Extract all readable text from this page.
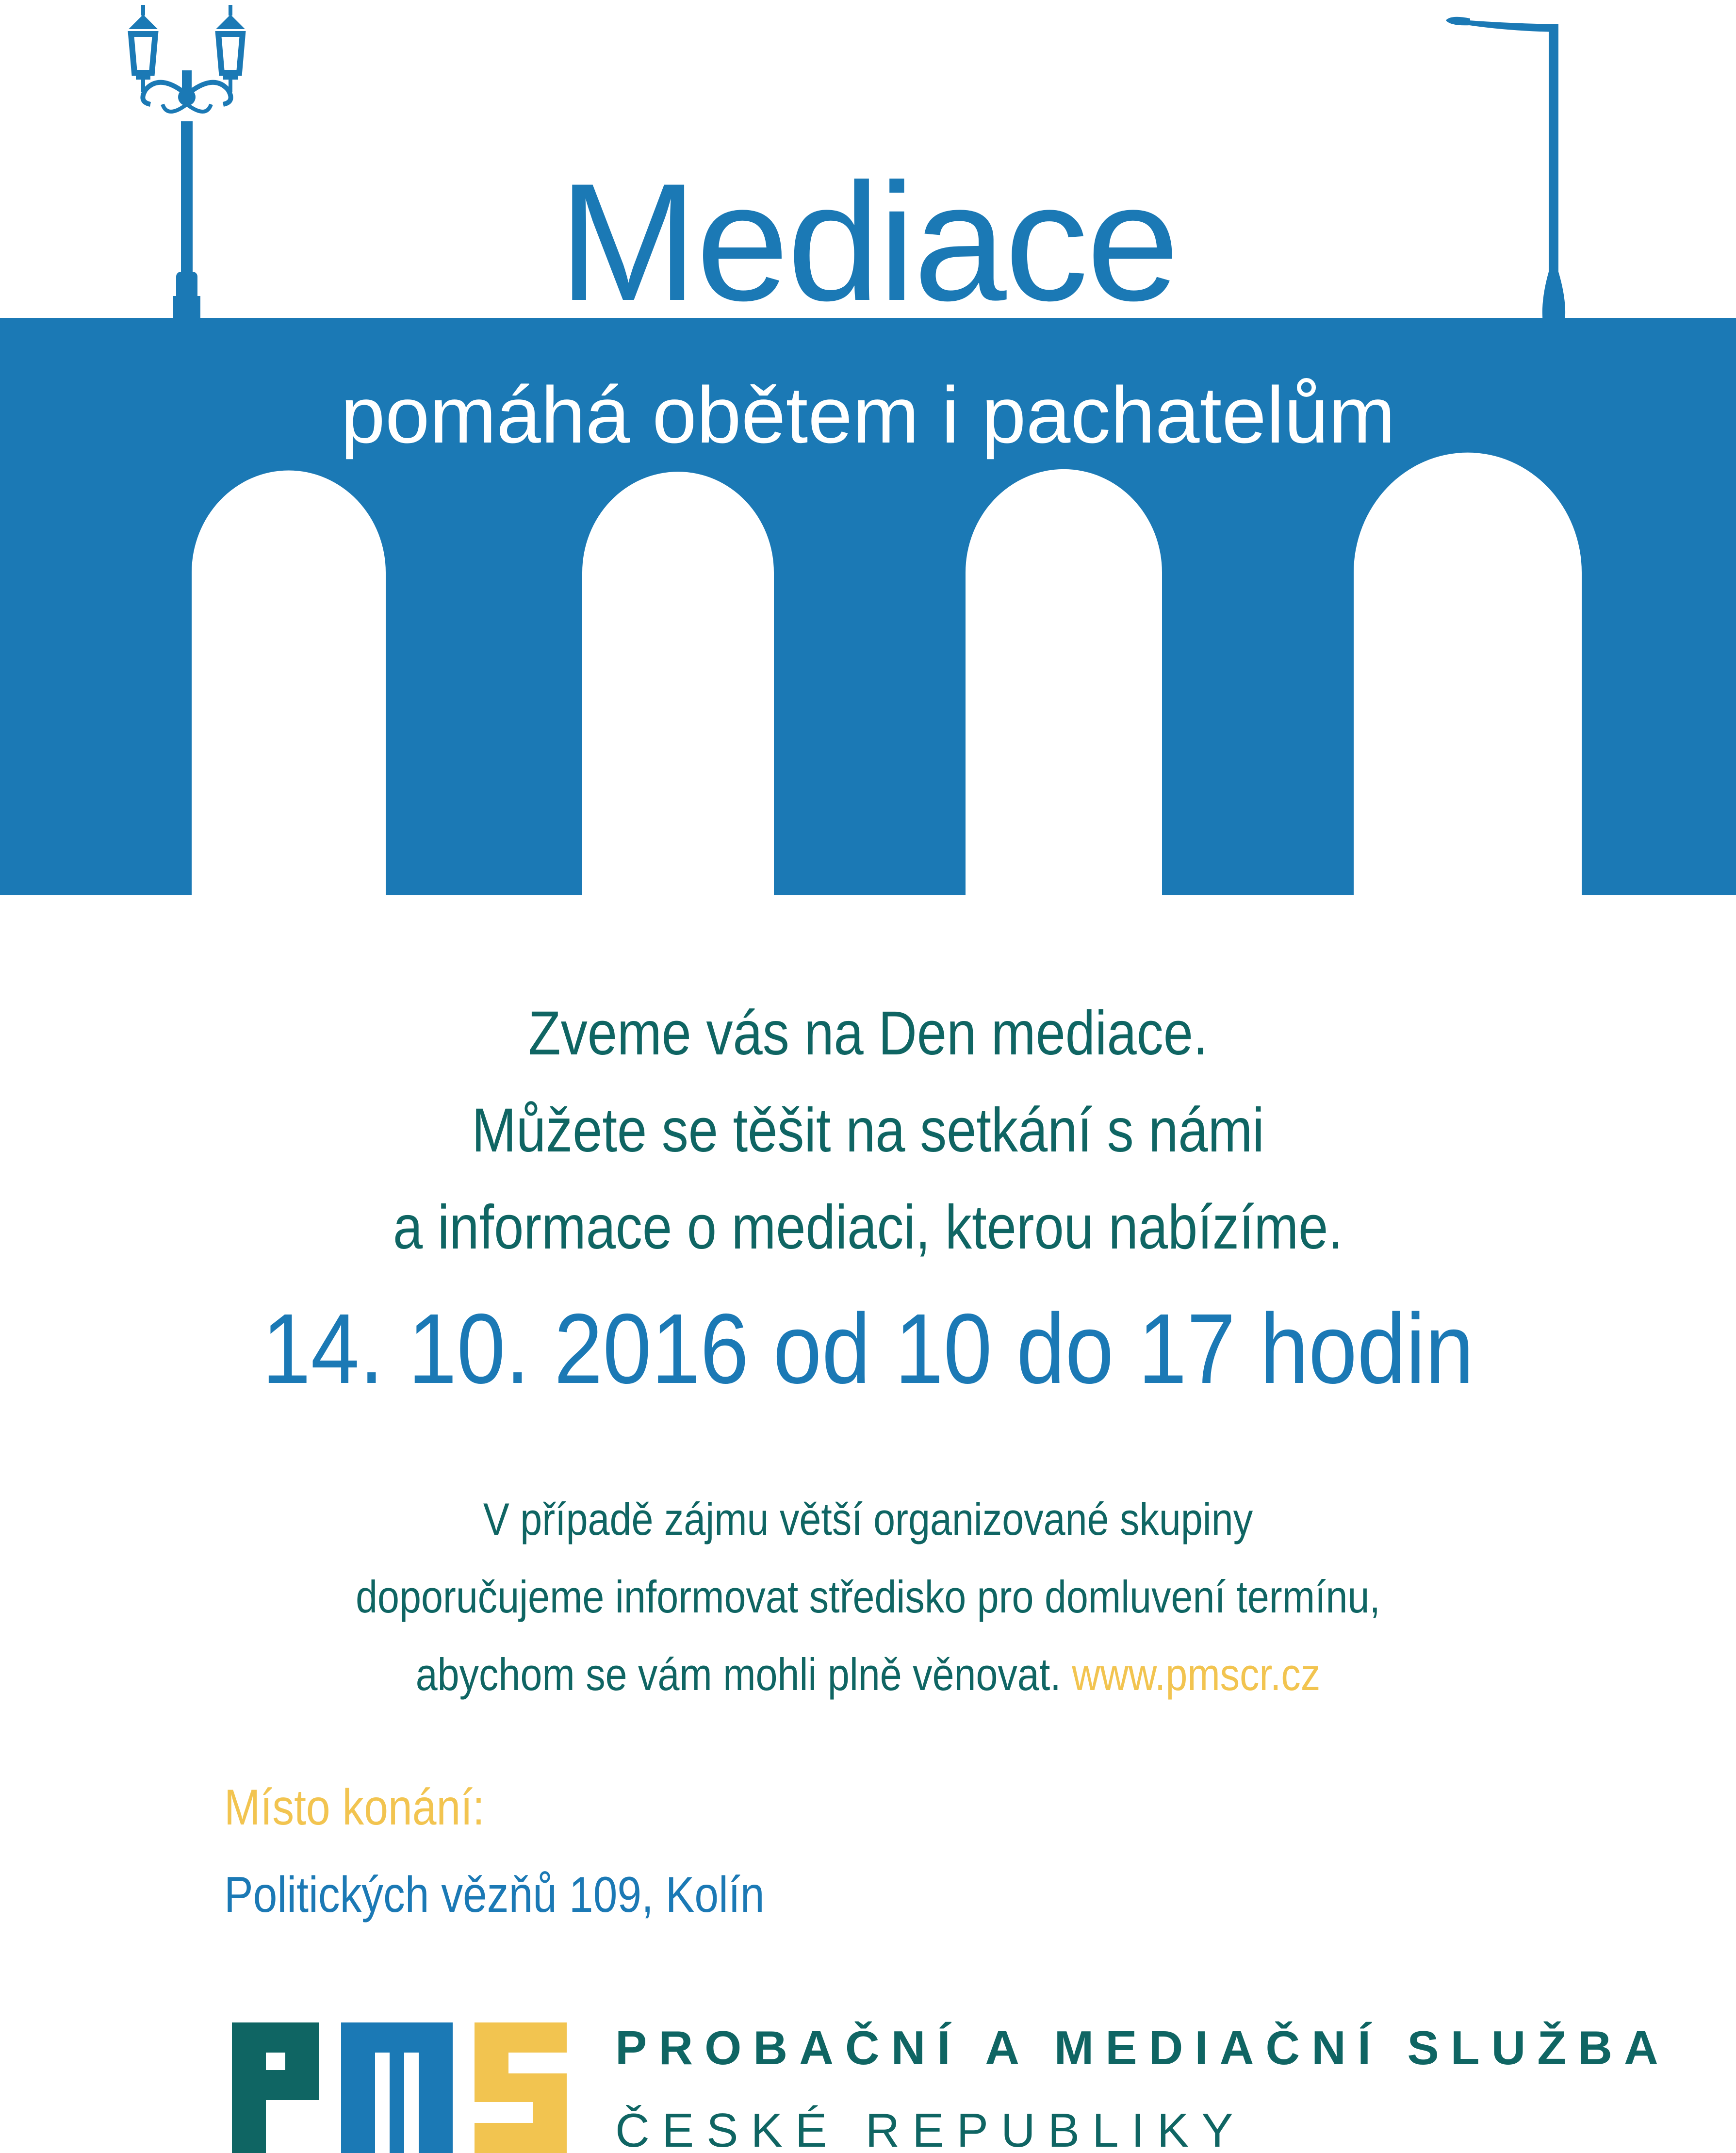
Mediace
pomáhá obětem i pachatelům
Zveme vás na Den mediace.
Můžete se těšit na setkání s námi
a informace o mediaci, kterou nabízíme.
14. 10. 2016 od 10 do 17 hodin
V případě zájmu větší organizované skupiny
doporučujeme informovat středisko pro domluvení termínu,
abychom se vám mohli plně věnovat. www.pmscr.cz
Místo konání:
Politických vězňů 109, Kolín
PROBAČNÍ A MEDIAČNÍ SLUŽBA
ČESKÉ REPUBLIKY
